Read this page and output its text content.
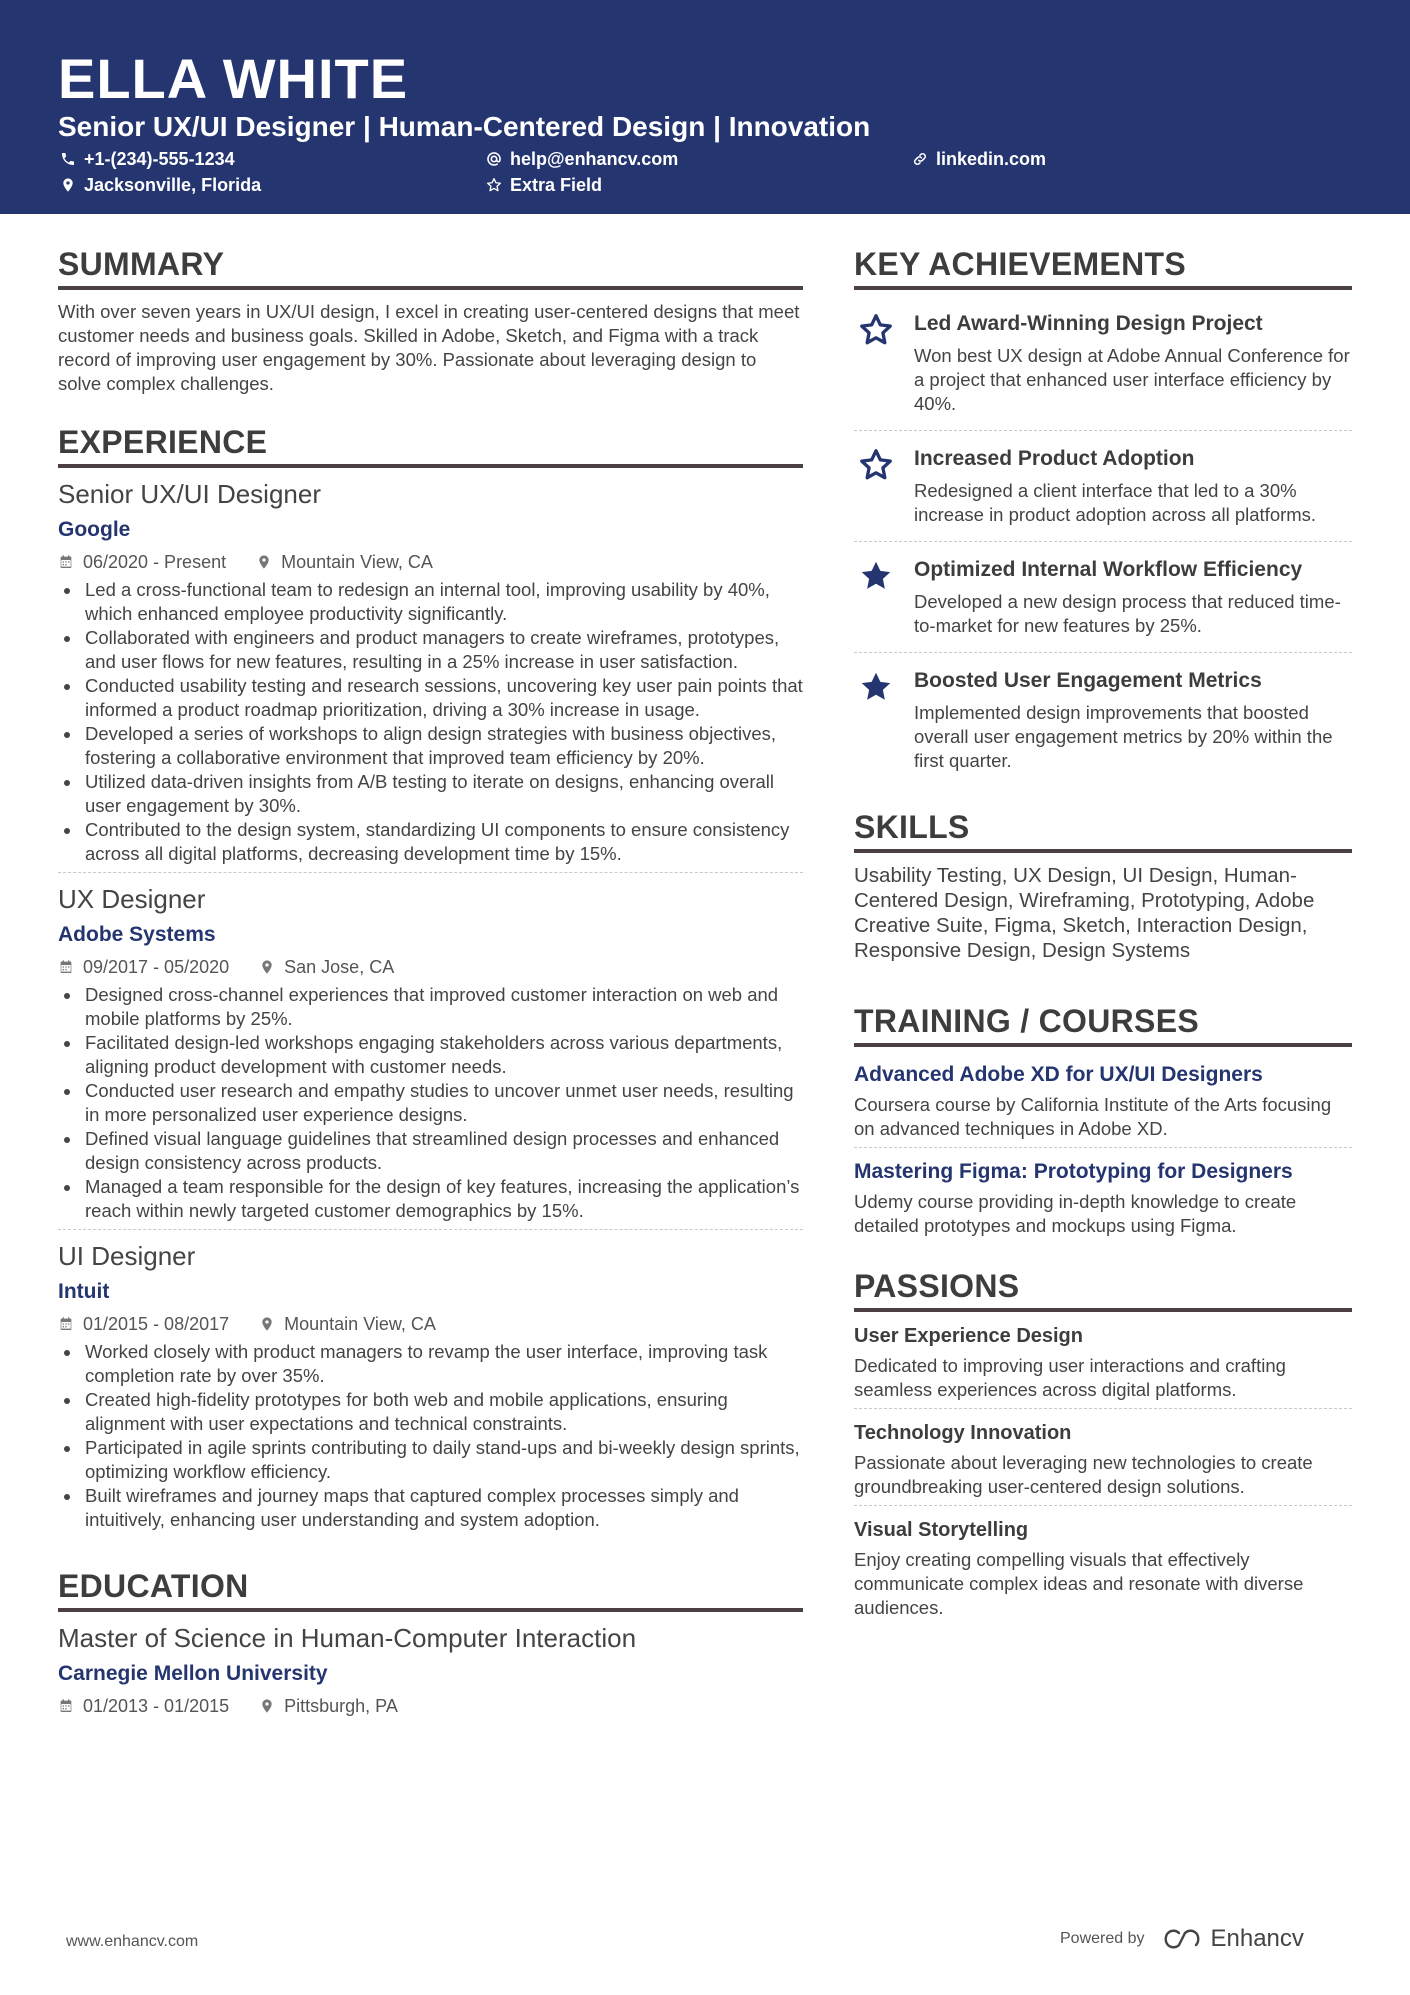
ELLA WHITE
Senior UX/UI Designer | Human-Centered Design | Innovation
+1-(234)-555-1234	help@enhancv.com	linkedin.com
Jacksonville, Florida	Extra Field
SUMMARY
With over seven years in UX/UI design, I excel in creating user-centered designs that meet customer needs and business goals. Skilled in Adobe, Sketch, and Figma with a track record of improving user engagement by 30%. Passionate about leveraging design to solve complex challenges.
EXPERIENCE
Senior UX/UI Designer
Google
06/2020 - Present	Mountain View, CA
Led a cross-functional team to redesign an internal tool, improving usability by 40%, which enhanced employee productivity significantly.
Collaborated with engineers and product managers to create wireframes, prototypes, and user flows for new features, resulting in a 25% increase in user satisfaction.
Conducted usability testing and research sessions, uncovering key user pain points that informed a product roadmap prioritization, driving a 30% increase in usage.
Developed a series of workshops to align design strategies with business objectives, fostering a collaborative environment that improved team efficiency by 20%.
Utilized data-driven insights from A/B testing to iterate on designs, enhancing overall user engagement by 30%.
Contributed to the design system, standardizing UI components to ensure consistency across all digital platforms, decreasing development time by 15%.
UX Designer
Adobe Systems
09/2017 - 05/2020	San Jose, CA
Designed cross-channel experiences that improved customer interaction on web and mobile platforms by 25%.
Facilitated design-led workshops engaging stakeholders across various departments, aligning product development with customer needs.
Conducted user research and empathy studies to uncover unmet user needs, resulting in more personalized user experience designs.
Defined visual language guidelines that streamlined design processes and enhanced design consistency across products.
Managed a team responsible for the design of key features, increasing the application’s reach within newly targeted customer demographics by 15%.
UI Designer
Intuit
01/2015 - 08/2017	Mountain View, CA
Worked closely with product managers to revamp the user interface, improving task completion rate by over 35%.
Created high-fidelity prototypes for both web and mobile applications, ensuring alignment with user expectations and technical constraints.
Participated in agile sprints contributing to daily stand-ups and bi-weekly design sprints, optimizing workflow efficiency.
Built wireframes and journey maps that captured complex processes simply and intuitively, enhancing user understanding and system adoption.
EDUCATION
Master of Science in Human-Computer Interaction
Carnegie Mellon University
01/2013 - 01/2015	Pittsburgh, PA
KEY ACHIEVEMENTS
Led Award-Winning Design Project
Won best UX design at Adobe Annual Conference for a project that enhanced user interface efficiency by 40%.
Increased Product Adoption
Redesigned a client interface that led to a 30% increase in product adoption across all platforms.
Optimized Internal Workflow Efficiency
Developed a new design process that reduced time-to-market for new features by 25%.
Boosted User Engagement Metrics
Implemented design improvements that boosted overall user engagement metrics by 20% within the first quarter.
SKILLS
Usability Testing, UX Design, UI Design, Human-Centered Design, Wireframing, Prototyping, Adobe Creative Suite, Figma, Sketch, Interaction Design, Responsive Design, Design Systems
TRAINING / COURSES
Advanced Adobe XD for UX/UI Designers
Coursera course by California Institute of the Arts focusing on advanced techniques in Adobe XD.
Mastering Figma: Prototyping for Designers
Udemy course providing in-depth knowledge to create detailed prototypes and mockups using Figma.
PASSIONS
User Experience Design
Dedicated to improving user interactions and crafting seamless experiences across digital platforms.
Technology Innovation
Passionate about leveraging new technologies to create groundbreaking user-centered design solutions.
Visual Storytelling
Enjoy creating compelling visuals that effectively communicate complex ideas and resonate with diverse audiences.
www.enhancv.com	Powered by	Enhancv
